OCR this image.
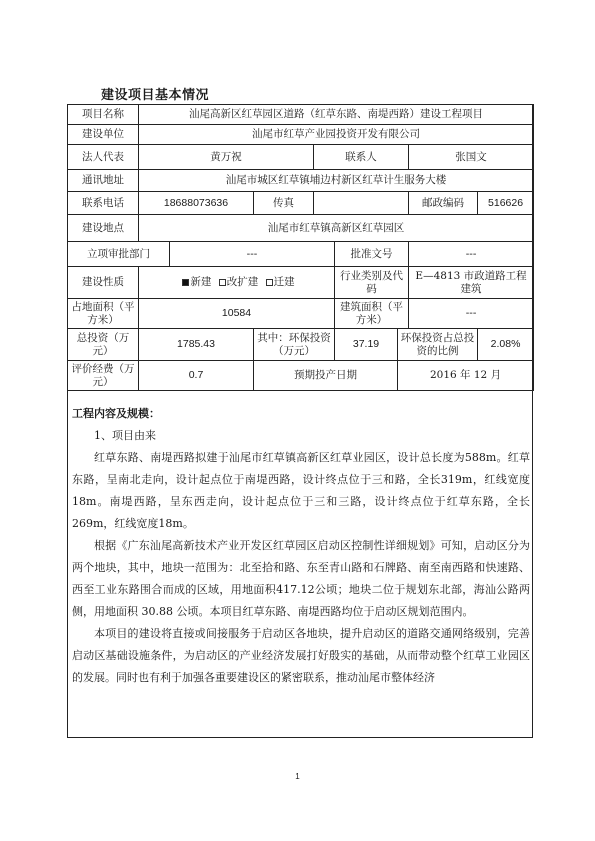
建设项目基本情况
项目名称	汕尾高新区红草园区道路（红草东路、南堤西路）建设工程项目							
建设单位	汕尾市红草产业园投资开发有限公司							
法人代表	黄万祝			联系人			张国文	
通讯地址	汕尾市城区红草镇埔边村新区红草计生服务大楼							
联系电话	18688073636		传真				邮政编码	516626
建设地点	汕尾市红草镇高新区红草园区							
立项审批部门		---			批准文号		---	
建设性质	新建 改扩建 迁建				行业类别及代码		E—4813 市政道路工程建筑	
占地面积（平方米）	10584				建筑面积（平方米）		---	
总投资（万元）	1785.43		其中：环保投资（万元）		37.19	环保投资占总投资的比例		2.08%
评价经费（万元）	0.7		预期投产日期			2016 年 12 月		

工程内容及规模：

1、项目由来

红草东路、南堤西路拟建于汕尾市红草镇高新区红草业园区，设计总长度为588m。红草东路，呈南北走向，设计起点位于南堤西路，设计终点位于三和路，全长319m，红线宽度18m。南堤西路，呈东西走向，设计起点位于三和三路，设计终点位于红草东路，全长269m，红线宽度18m。

根据《广东汕尾高新技术产业开发区红草园区启动区控制性详细规划》可知，启动区分为两个地块，其中，地块一范围为：北至拾和路、东至青山路和石牌路、南至南西路和快速路、西至工业东路围合而成的区域，用地面积417.12公顷；地块二位于规划东北部，海汕公路两侧，用地面积 30.88 公顷。本项目红草东路、南堤西路均位于启动区规划范围内。

本项目的建设将直接或间接服务于启动区各地块，提升启动区的道路交通网络级别，完善启动区基础设施条件，为启动区的产业经济发展打好殷实的基础，从而带动整个红草工业园区的发展。同时也有利于加强各重要建设区的紧密联系，推动汕尾市整体经济

1
